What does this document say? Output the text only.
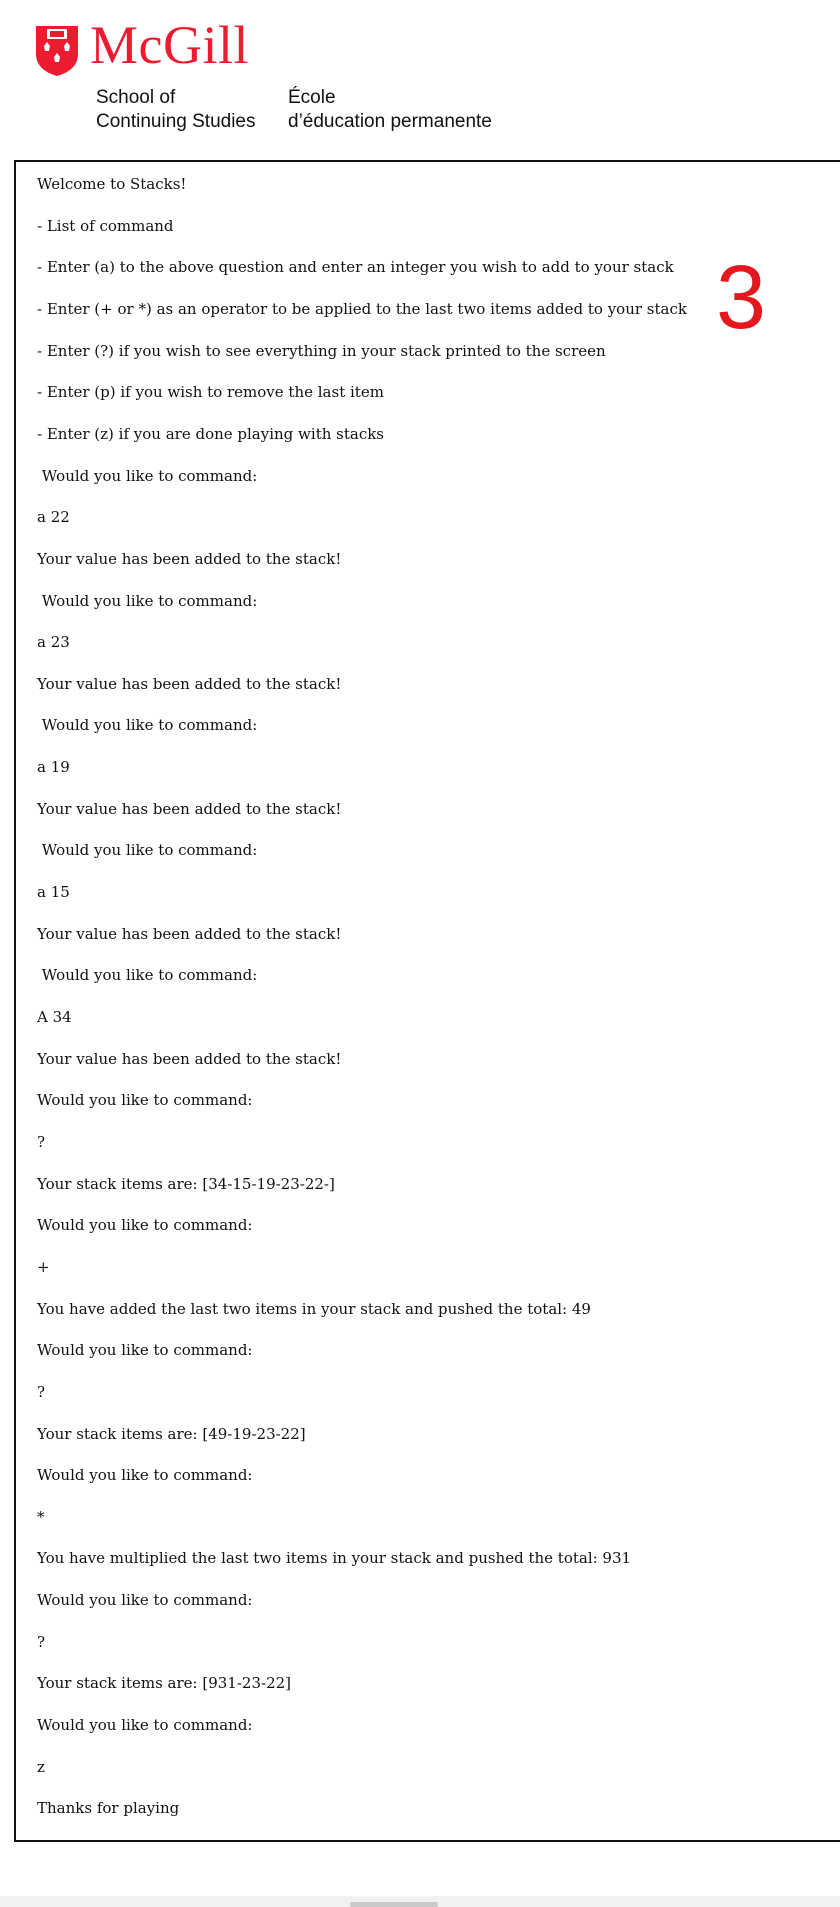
McGill
School of
Continuing Studies
École
d’éducation permanente
Welcome to Stacks!
- List of command
- Enter (a) to the above question and enter an integer you wish to add to your stack
- Enter (+ or *) as an operator to be applied to the last two items added to your stack
- Enter (?) if you wish to see everything in your stack printed to the screen
- Enter (p) if you wish to remove the last item
- Enter (z) if you are done playing with stacks
Would you like to command:
a 22
Your value has been added to the stack!
Would you like to command:
a 23
Your value has been added to the stack!
Would you like to command:
a 19
Your value has been added to the stack!
Would you like to command:
a 15
Your value has been added to the stack!
Would you like to command:
A 34
Your value has been added to the stack!
Would you like to command:
?
Your stack items are: [34-15-19-23-22-]
Would you like to command:
+
You have added the last two items in your stack and pushed the total: 49
Would you like to command:
?
Your stack items are: [49-19-23-22]
Would you like to command:
*
You have multiplied the last two items in your stack and pushed the total: 931
Would you like to command:
?
Your stack items are: [931-23-22]
Would you like to command:
z
Thanks for playing
3
